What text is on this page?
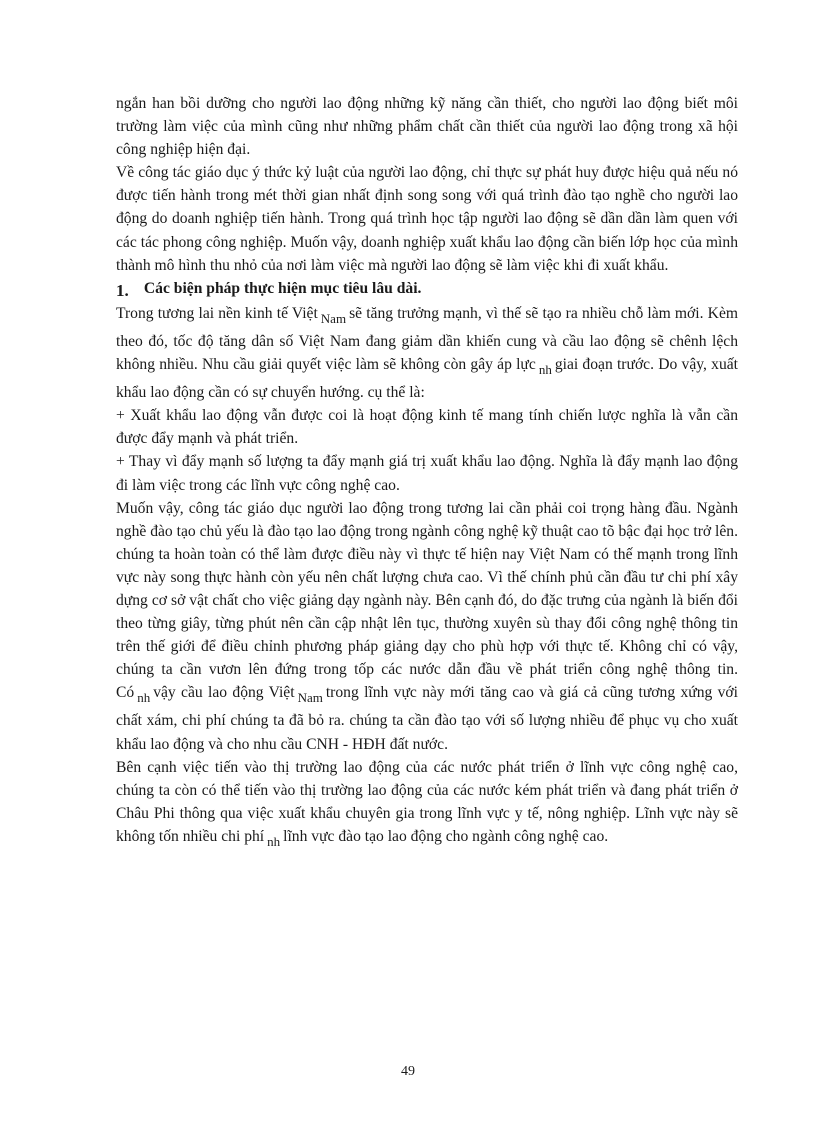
ngắn han bồi dưỡng cho người lao động những kỹ năng cần thiết, cho người lao động biết môi trường làm việc của mình cũng như những phẩm chất cần thiết của người lao động trong xã hội công nghiệp hiện đại.

Về công tác giáo dục ý thức kỷ luật của người lao động, chỉ thực sự phát huy được hiệu quả nếu nó được tiến hành trong mét thời gian nhất định song song với quá trình đào tạo nghề cho người lao động do doanh nghiệp tiến hành. Trong quá trình học tập người lao động sẽ dần dần làm quen với các tác phong công nghiệp. Muốn vậy, doanh nghiệp xuất khẩu lao động cần biến lớp học của mình thành mô hình thu nhỏ của nơi làm việc mà người lao động sẽ làm việc khi đi xuất khẩu.

1. Các biện pháp thực hiện mục tiêu lâu dài.

Trong tương lai nền kinh tế Việt $_{Nam}$ sẽ tăng trưởng mạnh, vì thế sẽ tạo ra nhiều chỗ làm mới. Kèm theo đó, tốc độ tăng dân số Việt Nam đang giảm dần khiến cung và cầu lao động sẽ chênh lệch không nhiều. Nhu cầu giải quyết việc làm sẽ không còn gây áp lực $_{nh}$ giai đoạn trước. Do vậy, xuất khẩu lao động cần có sự chuyển hướng. cụ thể là:

+ Xuất khẩu lao động vẫn được coi là hoạt động kinh tế mang tính chiến lược nghĩa là vẫn cần được đẩy mạnh và phát triển.

+ Thay vì đẩy mạnh số lượng ta đẩy mạnh giá trị xuất khẩu lao động. Nghĩa là đẩy mạnh lao động đi làm việc trong các lĩnh vực công nghệ cao.

Muốn vậy, công tác giáo dục người lao động trong tương lai cần phải coi trọng hàng đầu. Ngành nghề đào tạo chủ yếu là đào tạo lao động trong ngành công nghệ kỹ thuật cao tõ bậc đại học trở lên. chúng ta hoàn toàn có thể làm được điều này vì thực tế hiện nay Việt Nam có thế mạnh trong lĩnh vực này song thực hành còn yếu nên chất lượng chưa cao. Vì thế chính phủ cần đầu tư chi phí xây dựng cơ sở vật chất cho việc giảng dạy ngành này. Bên cạnh đó, do đặc trưng của ngành là biến đổi theo từng giây, từng phút nên cần cập nhật lên tục, thường xuyên sù thay đổi công nghệ thông tin trên thế giới để điều chỉnh phương pháp giảng dạy cho phù hợp với thực tế. Không chỉ có vậy, chúng ta cần vươn lên đứng trong tốp các nước dẫn đầu về phát triển công nghệ thông tin. Có $_{nh}$ vậy cầu lao động Việt $_{Nam}$ trong lĩnh vực này mới tăng cao và giá cả cũng tương xứng với chất xám, chi phí chúng ta đã bỏ ra. chúng ta cần đào tạo với số lượng nhiều để phục vụ cho xuất khẩu lao động và cho nhu cầu CNH - HĐH đất nước.

Bên cạnh việc tiến vào thị trường lao động của các nước phát triển ở lĩnh vực công nghệ cao, chúng ta còn có thể tiến vào thị trường lao động của các nước kém phát triển và đang phát triển ở Châu Phi thông qua việc xuất khẩu chuyên gia trong lĩnh vực y tế, nông nghiệp. Lĩnh vực này sẽ không tốn nhiều chi phí $_{nh}$ lĩnh vực đào tạo lao động cho ngành công nghệ cao.

49
